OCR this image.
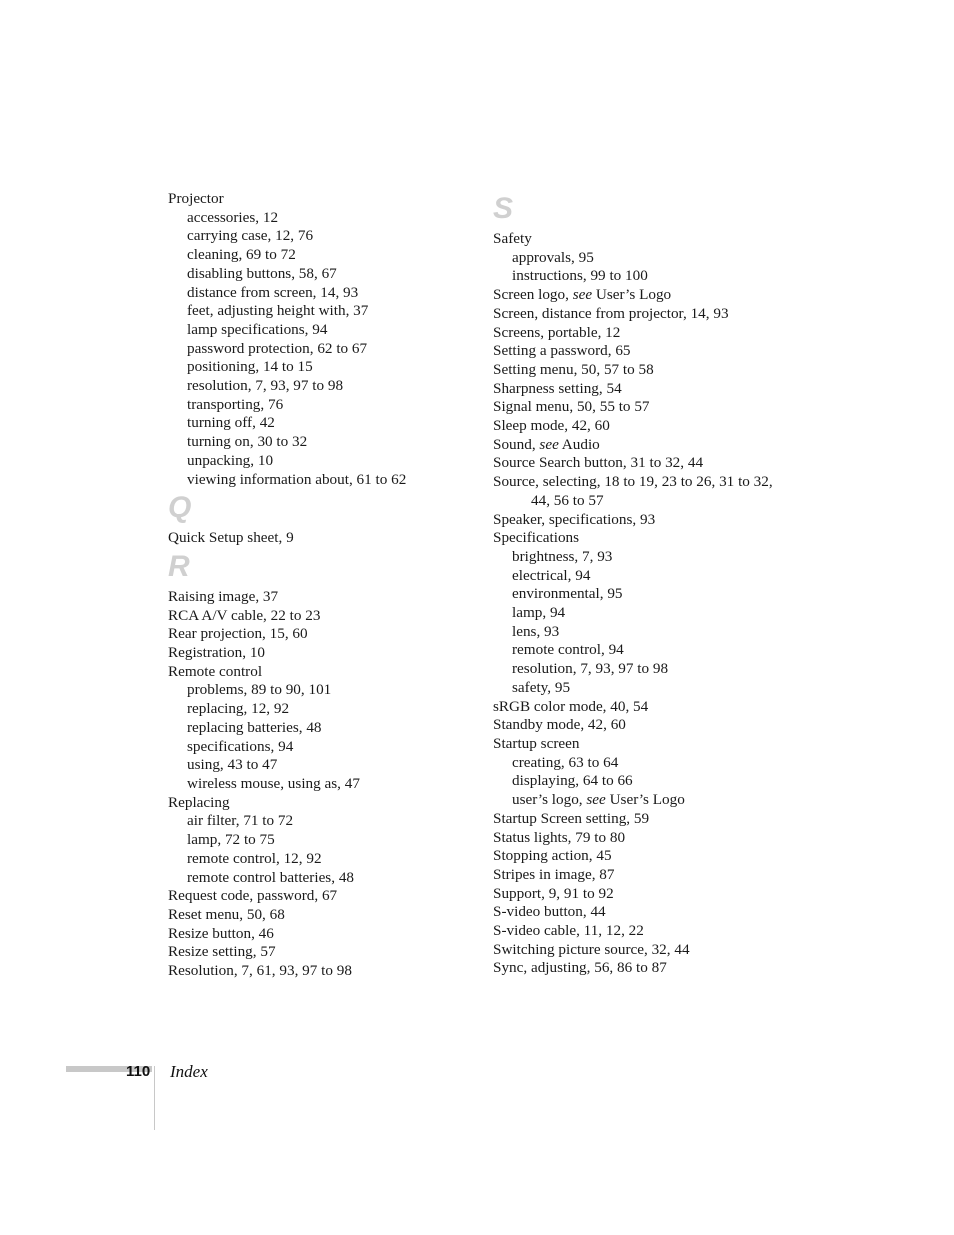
Projector
accessories, 12
carrying case, 12, 76
cleaning, 69 to 72
disabling buttons, 58, 67
distance from screen, 14, 93
feet, adjusting height with, 37
lamp specifications, 94
password protection, 62 to 67
positioning, 14 to 15
resolution, 7, 93, 97 to 98
transporting, 76
turning off, 42
turning on, 30 to 32
unpacking, 10
viewing information about, 61 to 62
Q
Quick Setup sheet, 9
R
Raising image, 37
RCA A/V cable, 22 to 23
Rear projection, 15, 60
Registration, 10
Remote control
problems, 89 to 90, 101
replacing, 12, 92
replacing batteries, 48
specifications, 94
using, 43 to 47
wireless mouse, using as, 47
Replacing
air filter, 71 to 72
lamp, 72 to 75
remote control, 12, 92
remote control batteries, 48
Request code, password, 67
Reset menu, 50, 68
Resize button, 46
Resize setting, 57
Resolution, 7, 61, 93, 97 to 98
S
Safety
approvals, 95
instructions, 99 to 100
Screen logo, see User’s Logo
Screen, distance from projector, 14, 93
Screens, portable, 12
Setting a password, 65
Setting menu, 50, 57 to 58
Sharpness setting, 54
Signal menu, 50, 55 to 57
Sleep mode, 42, 60
Sound, see Audio
Source Search button, 31 to 32, 44
Source, selecting, 18 to 19, 23 to 26, 31 to 32,
44, 56 to 57
Speaker, specifications, 93
Specifications
brightness, 7, 93
electrical, 94
environmental, 95
lamp, 94
lens, 93
remote control, 94
resolution, 7, 93, 97 to 98
safety, 95
sRGB color mode, 40, 54
Standby mode, 42, 60
Startup screen
creating, 63 to 64
displaying, 64 to 66
user’s logo, see User’s Logo
Startup Screen setting, 59
Status lights, 79 to 80
Stopping action, 45
Stripes in image, 87
Support, 9, 91 to 92
S-video button, 44
S-video cable, 11, 12, 22
Switching picture source, 32, 44
Sync, adjusting, 56, 86 to 87
110 Index
